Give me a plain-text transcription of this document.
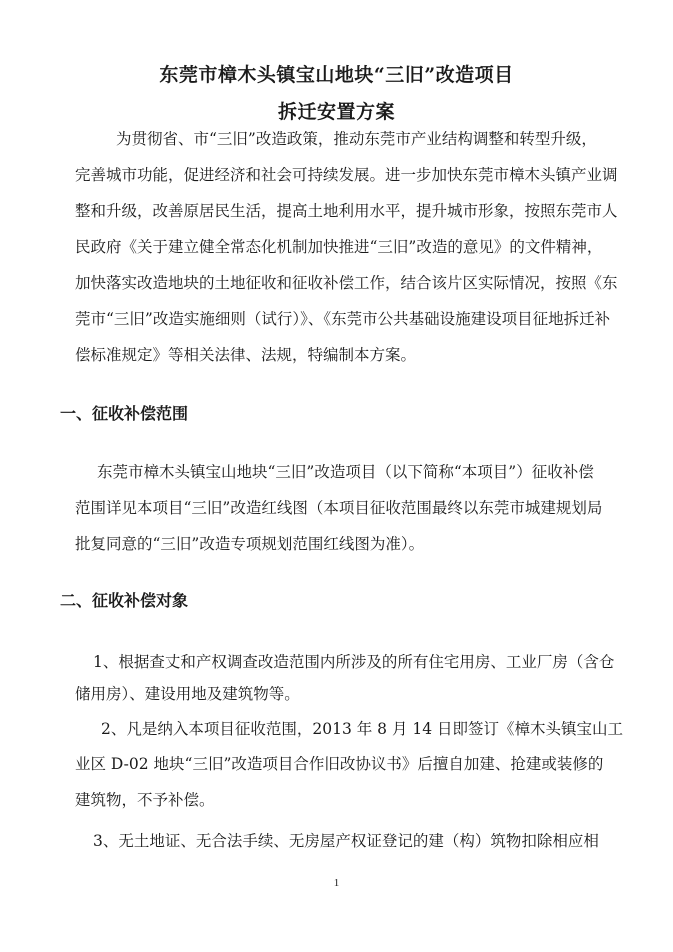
东莞市樟木头镇宝山地块“三旧”改造项目
拆迁安置方案
为贯彻省、市“三旧”改造政策，推动东莞市产业结构调整和转型升级，
完善城市功能，促进经济和社会可持续发展。进一步加快东莞市樟木头镇产业调
整和升级，改善原居民生活，提高土地利用水平，提升城市形象，按照东莞市人
民政府《关于建立健全常态化机制加快推进“三旧”改造的意见》的文件精神，
加快落实改造地块的土地征收和征收补偿工作，结合该片区实际情况，按照《东
莞市“三旧”改造实施细则（试行）》、《东莞市公共基础设施建设项目征地拆迁补
偿标准规定》等相关法律、法规，特编制本方案。
一、征收补偿范围
东莞市樟木头镇宝山地块“三旧”改造项目（以下简称“本项目”）征收补偿
范围详见本项目“三旧”改造红线图（本项目征收范围最终以东莞市城建规划局
批复同意的“三旧”改造专项规划范围红线图为准）。
二、征收补偿对象
1、根据查丈和产权调查改造范围内所涉及的所有住宅用房、工业厂房（含仓
储用房）、建设用地及建筑物等。
2、凡是纳入本项目征收范围，2013 年 8 月 14 日即签订《樟木头镇宝山工
业区 D-02 地块“三旧”改造项目合作旧改协议书》后擅自加建、抢建或装修的
建筑物，不予补偿。
3、无土地证、无合法手续、无房屋产权证登记的建（构）筑物扣除相应相
1
